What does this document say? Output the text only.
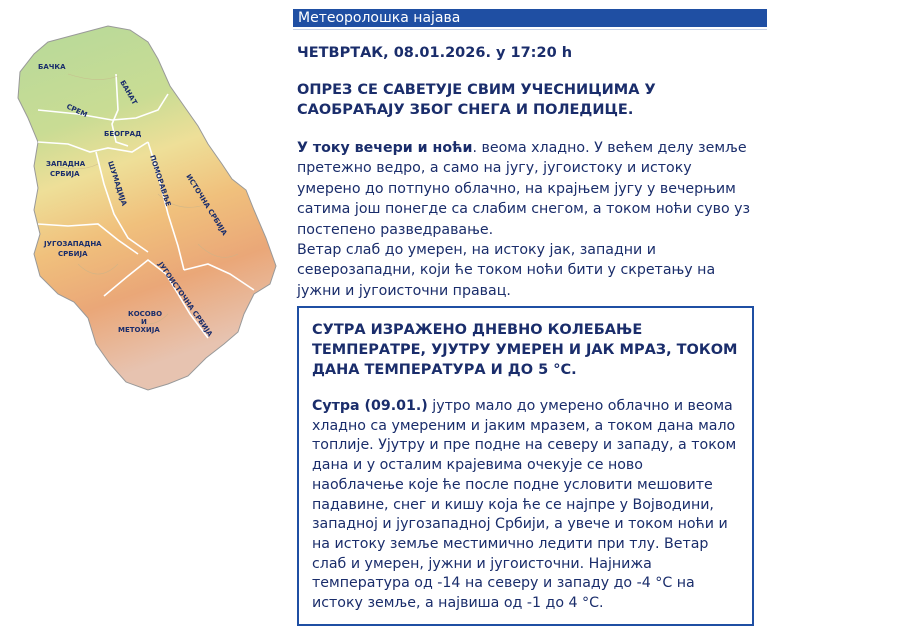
БАЧКА
БАНАТ
СРЕМ
БЕОГРАД
ЗАПАДНА
СРБИЈА	ШУМАДИЈА	ПОМОРАВЉЕ ИСТОЧНА СРБИЈА
ЈУГОЗАПАДНА
СРБИЈА
ЈУГОИСТОЧНА СРБИЈА
КОСОВО
И
МЕТОХИЈА
Метеоролошка најава
ЧЕТВРТАК, 08.01.2026. у 17:20 h
ОПРЕЗ СЕ САВЕТУЈЕ СВИМ УЧЕСНИЦИМА У САОБРАЋАЈУ ЗБОГ СНЕГА И ПОЛЕДИЦЕ.
У току вечери и ноћи. веома хладно. У већем делу земље претежно ведро, а само на југу, југоистоку и истоку умерено до потпуно облачно, на крајњем југу у вечерњим сатима још понегде са слабим снегом, а током ноћи суво уз постепено разведравање.
Ветар слаб до умерен, на истоку јак, западни и северозападни, који ће током ноћи бити у скретању на јужни и југоисточни правац.
СУТРА ИЗРАЖЕНО ДНЕВНО КОЛЕБАЊЕ ТЕМПЕРАТРЕ, УЈУТРУ УМЕРЕН И ЈАК МРАЗ, ТОКОМ ДАНА ТЕМПЕРАТУРА И ДО 5 °C.
Сутра (09.01.) јутро мало до умерено облачно и веома хладно са умереним и јаким мразем, а током дана мало топлије. Ујутру и пре подне на северу и западу, а током дана и у осталим крајевима очекује се ново наоблачење које ће после подне условити мешовите падавине, снег и кишу која ће се најпре у Војводини, западној и југозападној Србији, а увече и током ноћи и на истоку земље местимично ледити при тлу. Ветар слаб и умерен, јужни и југоисточни. Најнижа температура од -14 на северу и западу до -4 °C на истоку земље, а највиша од -1 до 4 °C.
